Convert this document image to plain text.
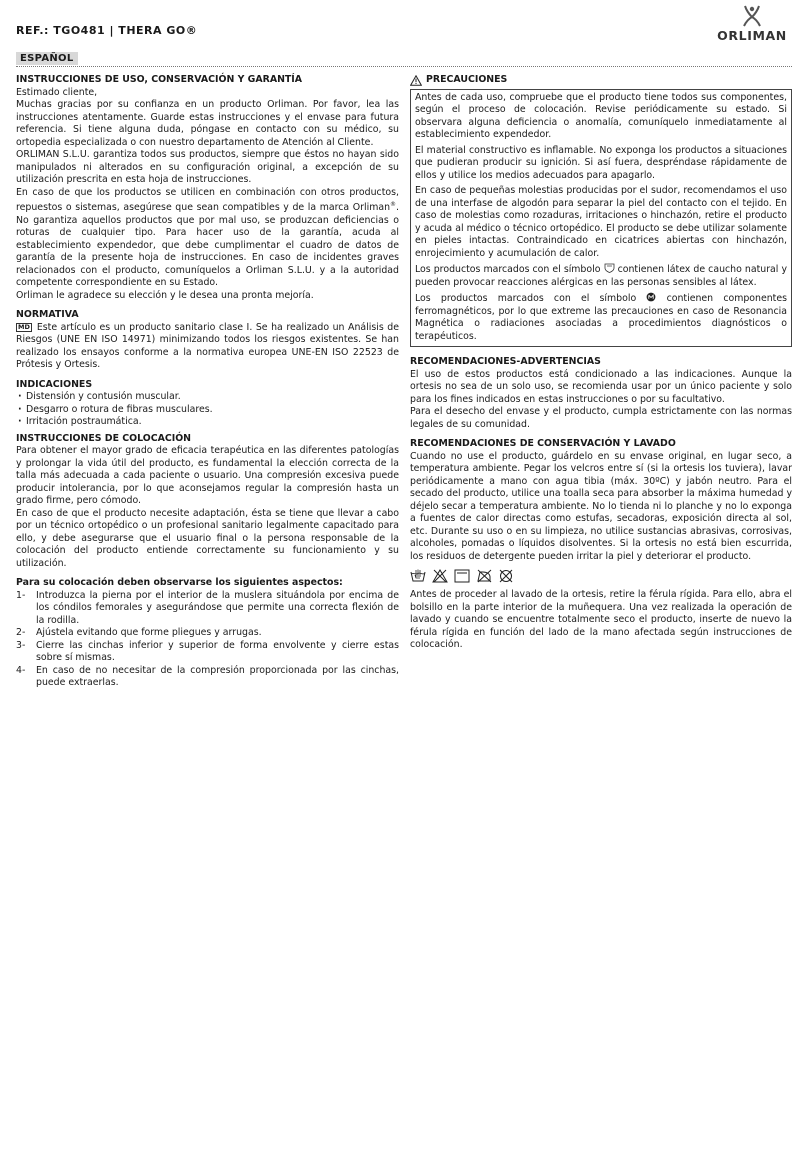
REF.: TGO481 | THERA GO®	ORLIMAN
ESPAÑOL
INSTRUCCIONES DE USO, CONSERVACIÓN Y GARANTÍA

Estimado cliente,

Muchas gracias por su confianza en un producto Orliman. Por favor, lea las instrucciones atentamente. Guarde estas instrucciones y el envase para futura referencia. Si tiene alguna duda, póngase en contacto con su médico, su ortopedia especializada o con nuestro departamento de Atención al Cliente.

ORLIMAN S.L.U. garantiza todos sus productos, siempre que éstos no hayan sido manipulados ni alterados en su configuración original, a excepción de su utilización prescrita en esta hoja de instrucciones.

En caso de que los productos se utilicen en combinación con otros productos, repuestos o sistemas, asegúrese que sean compatibles y de la marca Orliman®. No garantiza aquellos productos que por mal uso, se produzcan deficiencias o roturas de cualquier tipo. Para hacer uso de la garantía, acuda al establecimiento expendedor, que debe cumplimentar el cuadro de datos de garantía de la presente hoja de instrucciones. En caso de incidentes graves relacionados con el producto, comuníquelos a Orliman S.L.U. y a la autoridad competente correspondiente en su Estado.

Orliman le agradece su elección y le desea una pronta mejoría.

NORMATIVA

MD Este artículo es un producto sanitario clase I. Se ha realizado un Análisis de Riesgos (UNE EN ISO 14971) minimizando todos los riesgos existentes. Se han realizado los ensayos conforme a la normativa europea UNE-EN ISO 22523 de Prótesis y Ortesis.

INDICACIONES
· Distensión y contusión muscular.
· Desgarro o rotura de fibras musculares.
· Irritación postraumática.
INSTRUCCIONES DE COLOCACIÓN

Para obtener el mayor grado de eficacia terapéutica en las diferentes patologías y prolongar la vida útil del producto, es fundamental la elección correcta de la talla más adecuada a cada paciente o usuario. Una compresión excesiva puede producir intolerancia, por lo que aconsejamos regular la compresión hasta un grado firme, pero cómodo.

En caso de que el producto necesite adaptación, ésta se tiene que llevar a cabo por un técnico ortopédico o un profesional sanitario legalmente capacitado para ello, y debe asegurarse que el usuario final o la persona responsable de la colocación del producto entiende correctamente su funcionamiento y su utilización.

Para su colocación deben observarse los siguientes aspectos:
1- Introduzca la pierna por el interior de la muslera situándola por encima de los cóndilos femorales y asegurándose que permite una correcta flexión de la rodilla.
2- Ajústela evitando que forme pliegues y arrugas.
3- Cierre las cinchas inferior y superior de forma envolvente y cierre estas sobre sí mismas.
4- En caso de no necesitar de la compresión proporcionada por las cinchas, puede extraerlas.
PRECAUCIONES

Antes de cada uso, compruebe que el producto tiene todos sus componentes, según el proceso de colocación. Revise periódicamente su estado. Si observara alguna deficiencia o anomalía, comuníquelo inmediatamente al establecimiento expendedor.

El material constructivo es inflamable. No exponga los productos a situaciones que pudieran producir su ignición. Si así fuera, despréndase rápidamente de ellos y utilice los medios adecuados para apagarlo.

En caso de pequeñas molestias producidas por el sudor, recomendamos el uso de una interfase de algodón para separar la piel del contacto con el tejido. En caso de molestias como rozaduras, irritaciones o hinchazón, retire el producto y acuda al médico o técnico ortopédico. El producto se debe utilizar solamente en pieles intactas. Contraindicado en cicatrices abiertas con hinchazón, enrojecimiento y acumulación de calor.

Los productos marcados con el símbolo contienen látex de caucho natural y pueden provocar reacciones alérgicas en las personas sensibles al látex.

Los productos marcados con el símbolo	contienen componentes ferromagnéticos, por lo que extreme las precauciones en caso de Resonancia Magnética o radiaciones asociadas a procedimientos diagnósticos o terapéuticos.

RECOMENDACIONES-ADVERTENCIAS

El uso de estos productos está condicionado a las indicaciones. Aunque la ortesis no sea de un solo uso, se recomienda usar por un único paciente y solo para los fines indicados en estas instrucciones o por su facultativo.

Para el desecho del envase y el producto, cumpla estrictamente con las normas legales de su comunidad.

RECOMENDACIONES DE CONSERVACIÓN Y LAVADO

Cuando no use el producto, guárdelo en su envase original, en lugar seco, a temperatura ambiente. Pegar los velcros entre sí (si la ortesis los tuviera), lavar periódicamente a mano con agua tibia (máx. 30ºC) y jabón neutro. Para el secado del producto, utilice una toalla seca para absorber la máxima humedad y déjelo secar a temperatura ambiente. No lo tienda ni lo planche y no lo exponga a fuentes de calor directas como estufas, secadoras, exposición directa al sol, etc. Durante su uso o en su limpieza, no utilice sustancias abrasivas, corrosivas, alcoholes, pomadas o líquidos disolventes. Si la ortesis no está bien escurrida, los residuos de detergente pueden irritar la piel y deteriorar el producto.

Antes de proceder al lavado de la ortesis, retire la férula rígida. Para ello, abra el bolsillo en la parte interior de la muñequera. Una vez realizada la operación de lavado y cuando se encuentre totalmente seco el producto, inserte de nuevo la férula rígida en función del lado de la mano afectada según instrucciones de colocación.
